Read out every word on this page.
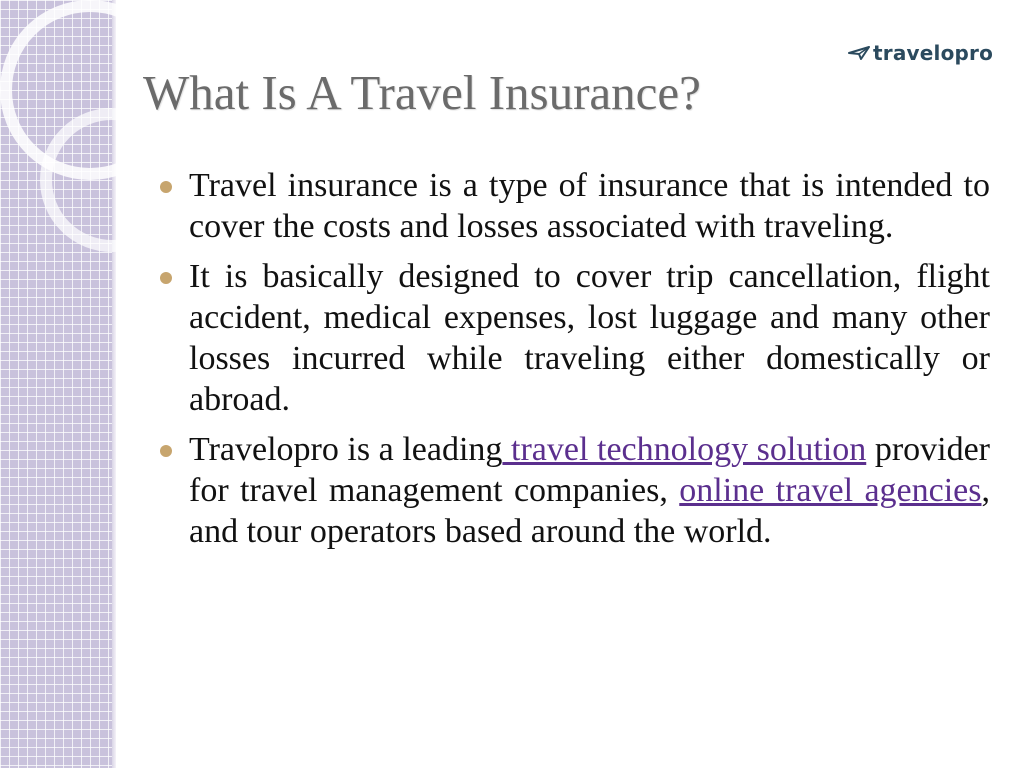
travelopro
What Is A Travel Insurance?
Travel insurance is a type of insurance that is intended to cover the costs and losses associated with traveling.
It is basically designed to cover trip cancellation, flight accident, medical expenses, lost luggage and many other losses incurred while traveling either domestically or abroad.
Travelopro is a leading travel technology solution provider for travel management companies, online travel agencies, and tour operators based around the world.
